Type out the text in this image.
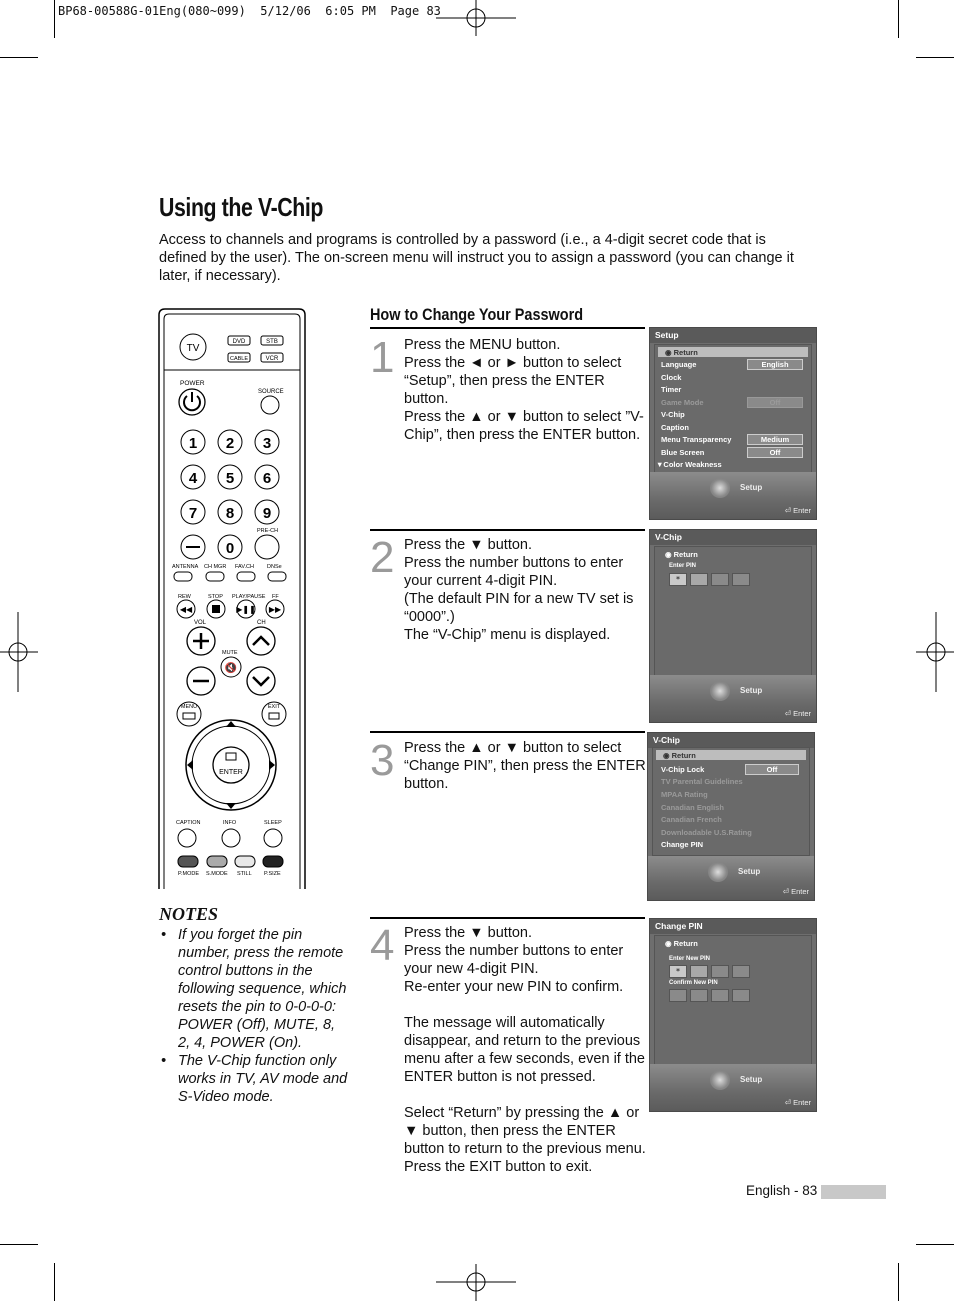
BP68-00588G-01Eng(080~099)  5/12/06  6:05 PM  Page 83
Using the V-Chip
Access to channels and programs is controlled by a password (i.e., a 4-digit secret code that is defined by the user). The on-screen menu will instruct you to assign a password (you can change it later, if necessary).
How to Change Your Password
1 Press the MENU button.

Press the ◄ or ► button to select “Setup”, then press the ENTER button.

Press the ▲ or ▼ button to select ”V-Chip”, then press the ENTER button.

2 Press the ▼ button.

Press the number buttons to enter your current 4-digit PIN.

(The default PIN for a new TV set is “0000”.)

The “V-Chip” menu is displayed.

3 Press the ▲ or ▼ button to select “Change PIN”, then press the ENTER button.

4 Press the ▼ button.

Press the number buttons to enter your new 4-digit PIN.

Re-enter your new PIN to confirm.

The message will automatically disappear, and return to the previous menu after a few seconds, even if the ENTER button is not pressed.

Select “Return” by pressing the ▲ or ▼ button, then press the ENTER button to return to the previous menu.

Press the EXIT button to exit.

Setup
◉ Return
Language	English
Clock
Timer
Game Mode	Off
V-Chip
Caption
Menu Transparency	Medium
Blue Screen	Off
▼Color Weakness
Setup
⏎ Enter
V-Chip
◉ Return
Enter PIN
*
Setup
⏎ Enter
V-Chip
◉ Return
V-Chip Lock	Off
TV Parental Guidelines
MPAA Rating
Canadian English
Canadian French
Downloadable U.S.Rating
Change PIN
Setup
⏎ Enter
Change PIN
◉ Return
Enter New PIN
*
Confirm New PIN
Setup
⏎ Enter
TV
DVD	STB
CABLE	VCR
POWER
SOURCE
1 2 3
4 5 6
7 8 9
0
PRE-CH
ANTENNA CH MGR FAV.CH DNSe
REW	STOP PLAY/PAUSE FF
◀◀	▶❚❚ ▶▶
VOL	CH
MUTE
🔇
MENU	EXIT
ENTER
CAPTION	INFO	SLEEP
P.MODE S.MODE STILL P.SIZE
NOTES

• If you forget the pin number, press the remote control buttons in the following sequence, which resets the pin to 0-0-0-0: POWER (Off), MUTE, 8, 2, 4, POWER (On).

• The V-Chip function only works in TV, AV mode and S-Video mode.

English - 83
